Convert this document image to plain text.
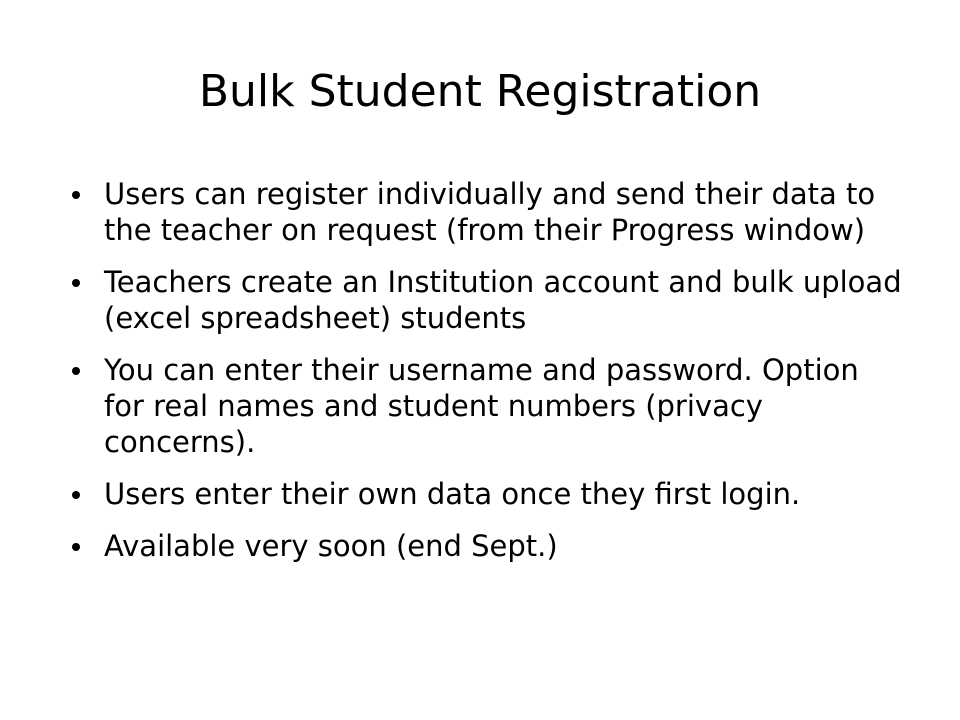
Bulk Student Registration
Users can register individually and send their data to the teacher on request (from their Progress window)
Teachers create an Institution account and bulk upload (excel spreadsheet) students
You can enter their username and password. Option for real names and student numbers (privacy concerns).
Users enter their own data once they first login.
Available very soon (end Sept.)
